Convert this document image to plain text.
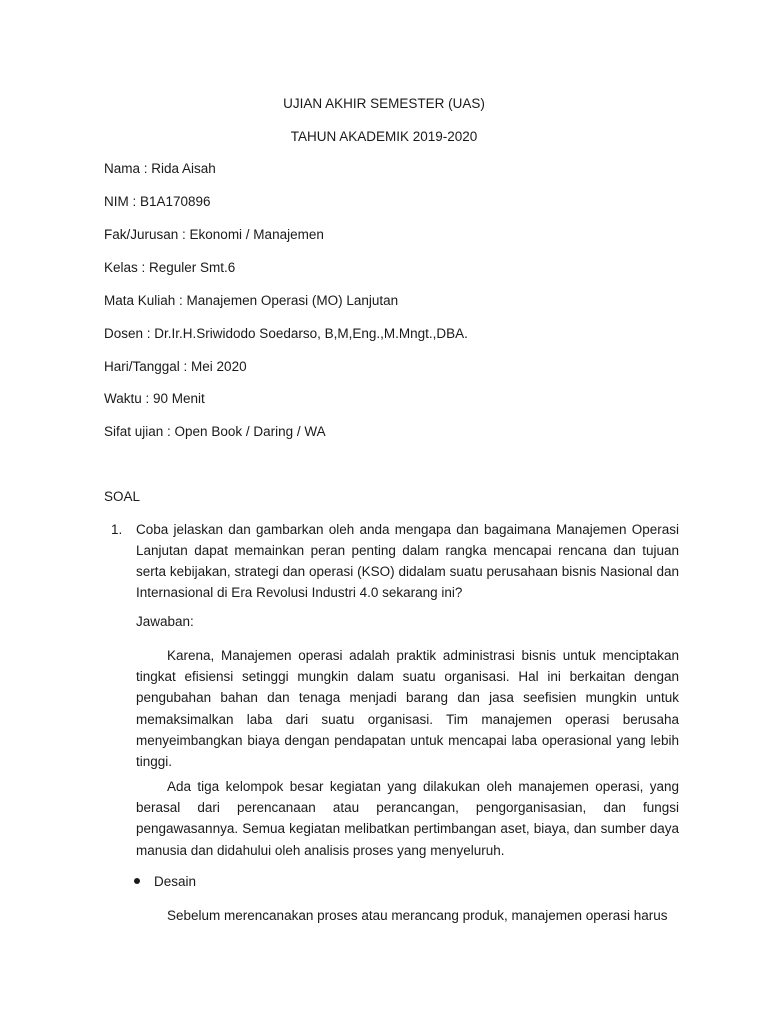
UJIAN AKHIR SEMESTER (UAS)
TAHUN AKADEMIK 2019-2020
Nama : Rida Aisah
NIM : B1A170896
Fak/Jurusan : Ekonomi / Manajemen
Kelas : Reguler Smt.6
Mata Kuliah : Manajemen Operasi (MO) Lanjutan
Dosen : Dr.Ir.H.Sriwidodo Soedarso, B,M,Eng.,M.Mngt.,DBA.
Hari/Tanggal : Mei 2020
Waktu : 90 Menit
Sifat ujian : Open Book / Daring / WA
SOAL
1. Coba jelaskan dan gambarkan oleh anda mengapa dan bagaimana Manajemen Operasi Lanjutan dapat memainkan peran penting dalam rangka mencapai rencana dan tujuan serta kebijakan, strategi dan operasi (KSO) didalam suatu perusahaan bisnis Nasional dan Internasional di Era Revolusi Industri 4.0 sekarang ini?
Jawaban:
Karena, Manajemen operasi adalah praktik administrasi bisnis untuk menciptakan tingkat efisiensi setinggi mungkin dalam suatu organisasi. Hal ini berkaitan dengan pengubahan bahan dan tenaga menjadi barang dan jasa seefisien mungkin untuk memaksimalkan laba dari suatu organisasi. Tim manajemen operasi berusaha menyeimbangkan biaya dengan pendapatan untuk mencapai laba operasional yang lebih tinggi.
Ada tiga kelompok besar kegiatan yang dilakukan oleh manajemen operasi, yang berasal dari perencanaan atau perancangan, pengorganisasian, dan fungsi pengawasannya. Semua kegiatan melibatkan pertimbangan aset, biaya, dan sumber daya manusia dan didahului oleh analisis proses yang menyeluruh.
Desain
Sebelum merencanakan proses atau merancang produk, manajemen operasi harus
